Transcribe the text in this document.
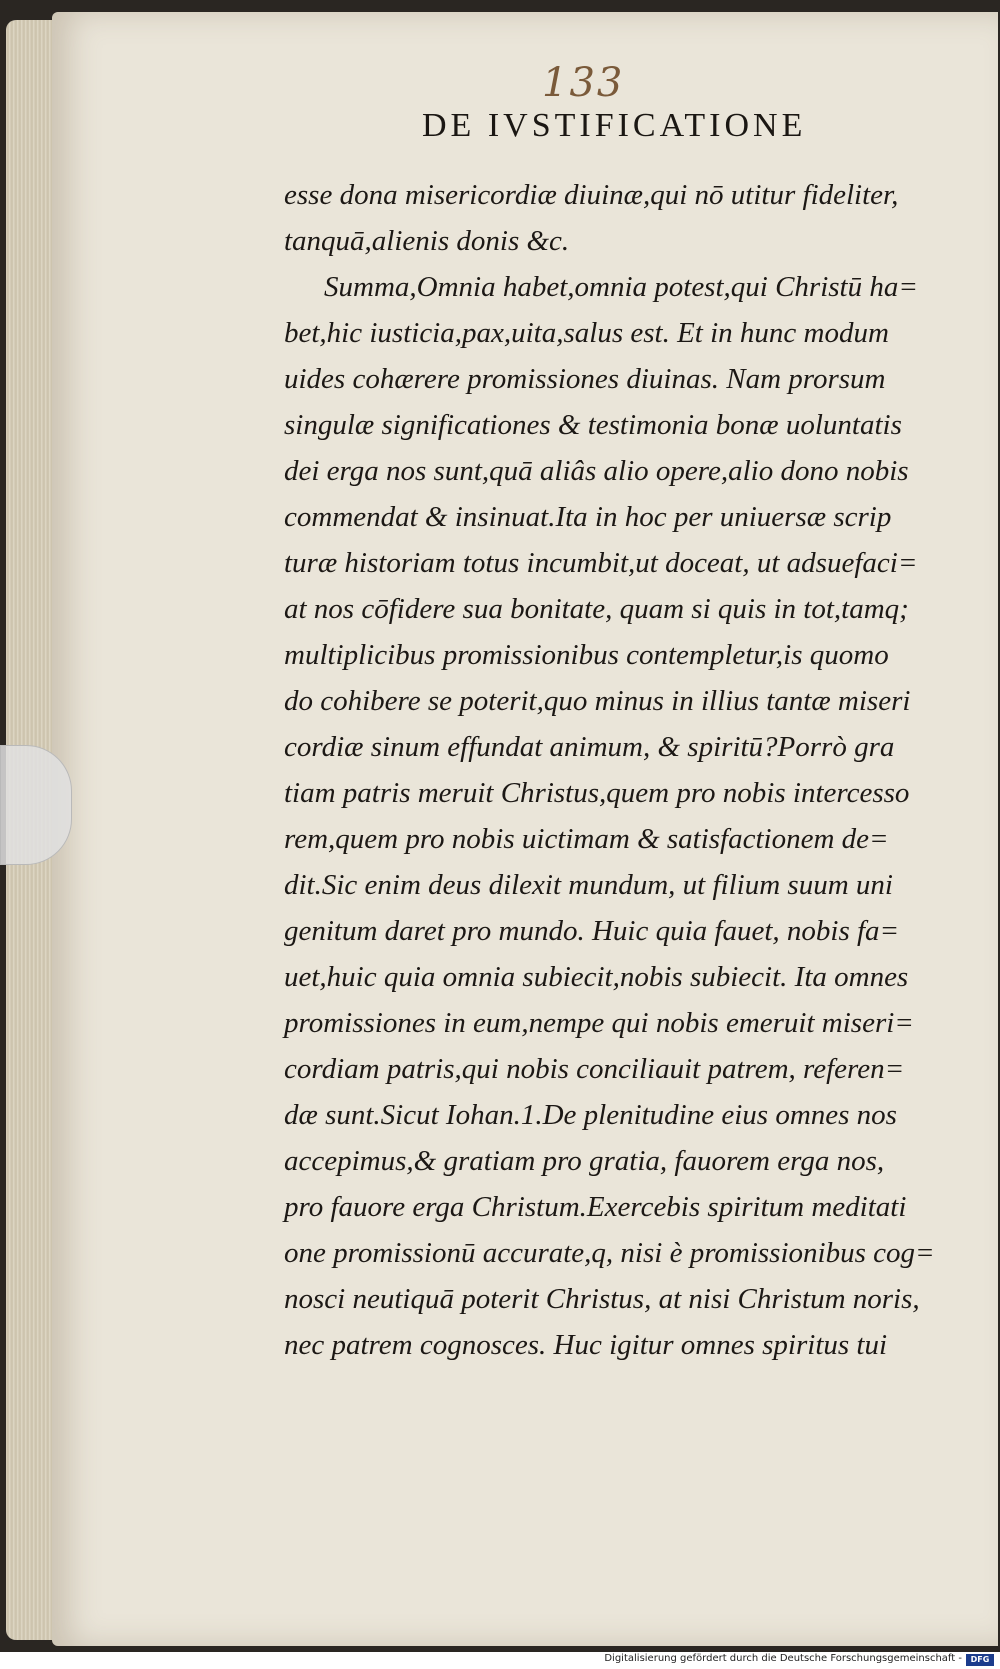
133
DE IVSTIFICATIONE
esse dona misericordiæ diuinæ,qui nō utitur fideliter,
tanquā,alienis donis &c.
Summa,Omnia habet,omnia potest,qui Christū ha=
bet,hic iusticia,pax,uita,salus est. Et in hunc modum
uides cohærere promissiones diuinas. Nam prorsum
singulæ significationes & testimonia bonæ uoluntatis
dei erga nos sunt,quā aliâs alio opere,alio dono nobis
commendat & insinuat.Ita in hoc per uniuersæ scrip
turæ historiam totus incumbit,ut doceat, ut adsuefaci=
at nos cōfidere sua bonitate, quam si quis in tot,tamq;
multiplicibus promissionibus contempletur,is quomo
do cohibere se poterit,quo minus in illius tantæ miseri
cordiæ sinum effundat animum, & spiritū?Porrò gra
tiam patris meruit Christus,quem pro nobis intercesso
rem,quem pro nobis uictimam & satisfactionem de=
dit.Sic enim deus dilexit mundum, ut filium suum uni
genitum daret pro mundo. Huic quia fauet, nobis fa=
uet,huic quia omnia subiecit,nobis subiecit. Ita omnes
promissiones in eum,nempe qui nobis emeruit miseri=
cordiam patris,qui nobis conciliauit patrem, referen=
dæ sunt.Sicut Iohan.1.De plenitudine eius omnes nos
accepimus,& gratiam pro gratia, fauorem erga nos,
pro fauore erga Christum.Exercebis spiritum meditati
one promissionū accurate,q, nisi è promissionibus cog=
nosci neutiquā poterit Christus, at nisi Christum noris,
nec patrem cognosces. Huc igitur omnes spiritus tui
Digitalisierung gefördert durch die Deutsche Forschungsgemeinschaft -	DFG
